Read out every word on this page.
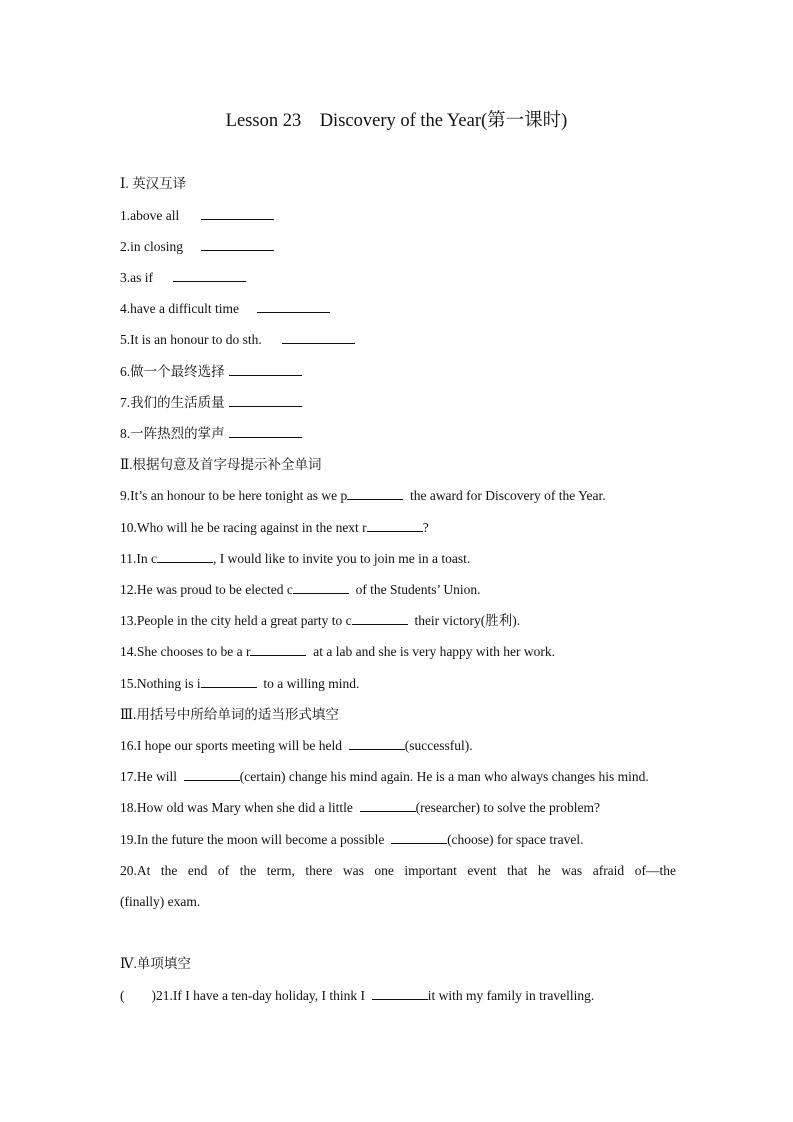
Lesson 23    Discovery of the Year(第一课时)
Ⅰ. 英汉互译
1.above all
2.in closing
3.as if
4.have a difficult time
5.It is an honour to do sth.
6.做一个最终选择
7.我们的生活质量
8.一阵热烈的掌声
Ⅱ.根据句意及首字母提示补全单词
9.It’s an honour to be here tonight as we p	the award for Discovery of the Year.
10.Who will he be racing against in the next r	?
11.In c	, I would like to invite you to join me in a toast.
12.He was proud to be elected c	of the Students’ Union.
13.People in the city held a great party to c	their victory(胜利).
14.She chooses to be a r	at a lab and she is very happy with her work.
15.Nothing is i	to a willing mind.
Ⅲ.用括号中所给单词的适当形式填空
16.I hope our sports meeting will be held	(successful).
17.He will	(certain) change his mind again. He is a man who always changes his mind.
18.How old was Mary when she did a little	(researcher) to solve the problem?
19.In the future the moon will become a possible	(choose) for space travel.
20.At the end of the term, there was one important event that he was afraid of—the
(finally) exam.
Ⅳ.单项填空
(        )21.If I have a ten-day holiday, I think I	it with my family in travelling.
